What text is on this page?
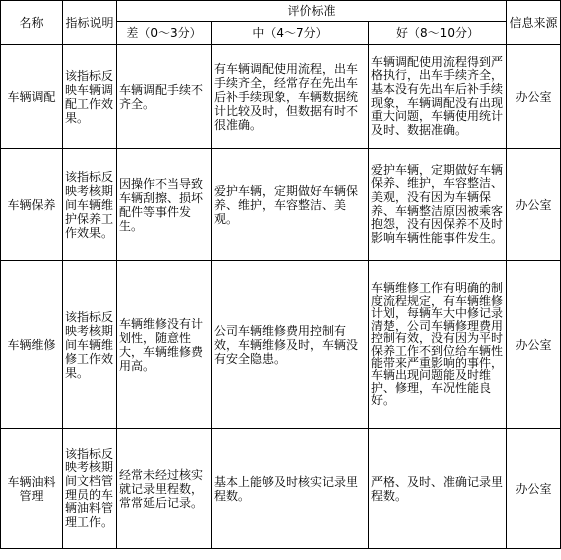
名称	指标说明	评价标准			信息来源
		差（0～3分）	中（4～7分）	好（8～10分）	
车辆调配	该指标反映车辆调配工作效果。	车辆调配手续不齐全。	有车辆调配使用流程，出车手续齐全，经常存在先出车后补手续现象，车辆数据统计比较及时，但数据有时不很准确。	车辆调配使用流程得到严格执行，出车手续齐全，基本没有先出车后补手续现象，车辆调配没有出现重大问题，车辆使用统计及时、数据准确。	办公室
车辆保养	该指标反映考核期间车辆维护保养工作效果。	因操作不当导致车辆刮擦、损坏配件等事件发生。	爱护车辆，定期做好车辆保养、维护，车容整洁、美观。	爱护车辆，定期做好车辆保养、维护，车容整洁、美观，没有因为车辆保养、车辆整洁原因被乘客抱怨，没有因保养不及时影响车辆性能事件发生。	办公室
车辆维修	该指标反映考核期间车辆维修工作效果。	车辆维修没有计划性，随意性大，车辆维修费用高。	公司车辆维修费用控制有效，车辆维修及时，车辆没有安全隐患。	车辆维修工作有明确的制度流程规定，有车辆维修计划，每辆车大中修记录清楚，公司车辆修理费用控制有效，没有因为平时保养工作不到位给车辆性能带来严重影响的事件，车辆出现问题能及时维护、修理，车况性能良好。	办公室
车辆油料管理	该指标反映考核期间文档管理员的车辆油料管理工作。	经常未经过核实就记录里程数，常常延后记录。	基本上能够及时核实记录里程数。	严格、及时、准确记录里程数。	办公室
